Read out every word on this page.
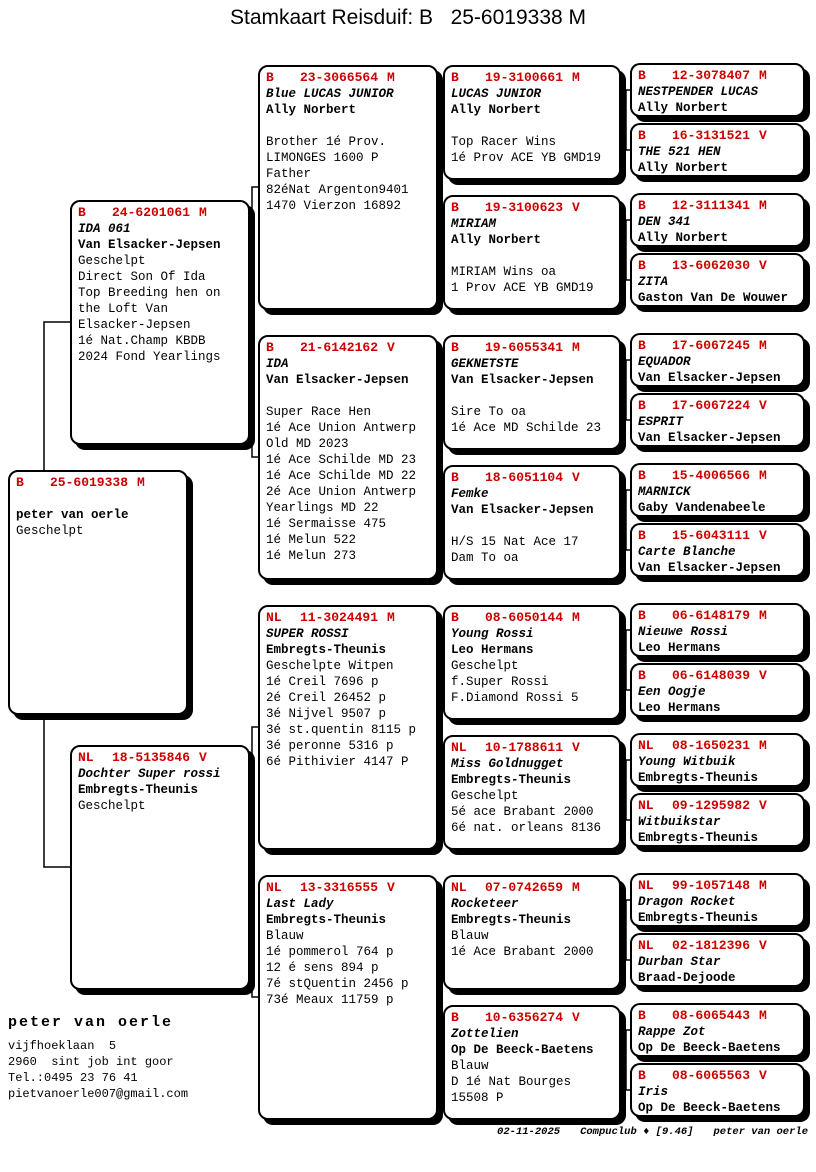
Stamkaart Reisduif: B   25-6019338 M
B 25-6019338 M
peter van oerle
Geschelpt
B 24-6201061 M
IDA 061
Van Elsacker-Jepsen
Geschelpt
Direct Son Of Ida
Top Breeding hen on
the Loft Van
Elsacker-Jepsen
1é Nat.Champ KBDB
2024 Fond Yearlings
NL 18-5135846 V
Dochter Super rossi
Embregts-Theunis
Geschelpt
B 23-3066564 M
Blue LUCAS JUNIOR
Ally Norbert

Brother 1é Prov.
LIMONGES 1600 P
Father
82éNat Argenton9401
1470 Vierzon 16892
B 21-6142162 V
IDA
Van Elsacker-Jepsen

Super Race Hen
1é Ace Union Antwerp
Old MD 2023
1é Ace Schilde MD 23
1é Ace Schilde MD 22
2é Ace Union Antwerp
Yearlings MD 22
1é Sermaisse 475
1é Melun 522
1é Melun 273
NL 11-3024491 M
SUPER ROSSI
Embregts-Theunis
Geschelpte Witpen
1é Creil 7696 p
2é Creil 26452 p
3é Nijvel 9507 p
3é st.quentin 8115 p
3é peronne 5316 p
6é Pithivier 4147 P
NL 13-3316555 V
Last Lady
Embregts-Theunis
Blauw
1é pommerol 764 p
12 é sens 894 p
7é stQuentin 2456 p
73é Meaux 11759 p
B 19-3100661 M
LUCAS JUNIOR
Ally Norbert

Top Racer Wins
1é Prov ACE YB GMD19
B 19-3100623 V
MIRIAM
Ally Norbert

MIRIAM Wins oa
1 Prov ACE YB GMD19
B 19-6055341 M
GEKNETSTE
Van Elsacker-Jepsen

Sire To oa
1é Ace MD Schilde 23
B 18-6051104 V
Femke
Van Elsacker-Jepsen

H/S 15 Nat Ace 17
Dam To oa
B 08-6050144 M
Young Rossi
Leo Hermans
Geschelpt
f.Super Rossi
F.Diamond Rossi 5
NL 10-1788611 V
Miss Goldnugget
Embregts-Theunis
Geschelpt
5é ace Brabant 2000
6é nat. orleans 8136
NL 07-0742659 M
Rocketeer
Embregts-Theunis
Blauw
1é Ace Brabant 2000
B 10-6356274 V
Zottelien
Op De Beeck-Baetens
Blauw
D 1é Nat Bourges
15508 P
B 12-3078407 M
NESTPENDER LUCAS
Ally Norbert
B 16-3131521 V
THE 521 HEN
Ally Norbert
B 12-3111341 M
DEN 341
Ally Norbert
B 13-6062030 V
ZITA
Gaston Van De Wouwer
B 17-6067245 M
EQUADOR
Van Elsacker-Jepsen
B 17-6067224 V
ESPRIT
Van Elsacker-Jepsen
B 15-4006566 M
MARNICK
Gaby Vandenabeele
B 15-6043111 V
Carte Blanche
Van Elsacker-Jepsen
B 06-6148179 M
Nieuwe Rossi
Leo Hermans
B 06-6148039 V
Een Oogje
Leo Hermans
NL 08-1650231 M
Young Witbuik
Embregts-Theunis
NL 09-1295982 V
Witbuikstar
Embregts-Theunis
NL 99-1057148 M
Dragon Rocket
Embregts-Theunis
NL 02-1812396 V
Durban Star
Braad-Dejoode
B 08-6065443 M
Rappe Zot
Op De Beeck-Baetens
B 08-6065563 V
Iris
Op De Beeck-Baetens
peter van oerle
vijfhoeklaan  5
2960  sint job int goor
Tel.:0495 23 76 41
pietvanoerle007@gmail.com
02-11-2025 Compuclub ♦ [9.46] peter van oerle
